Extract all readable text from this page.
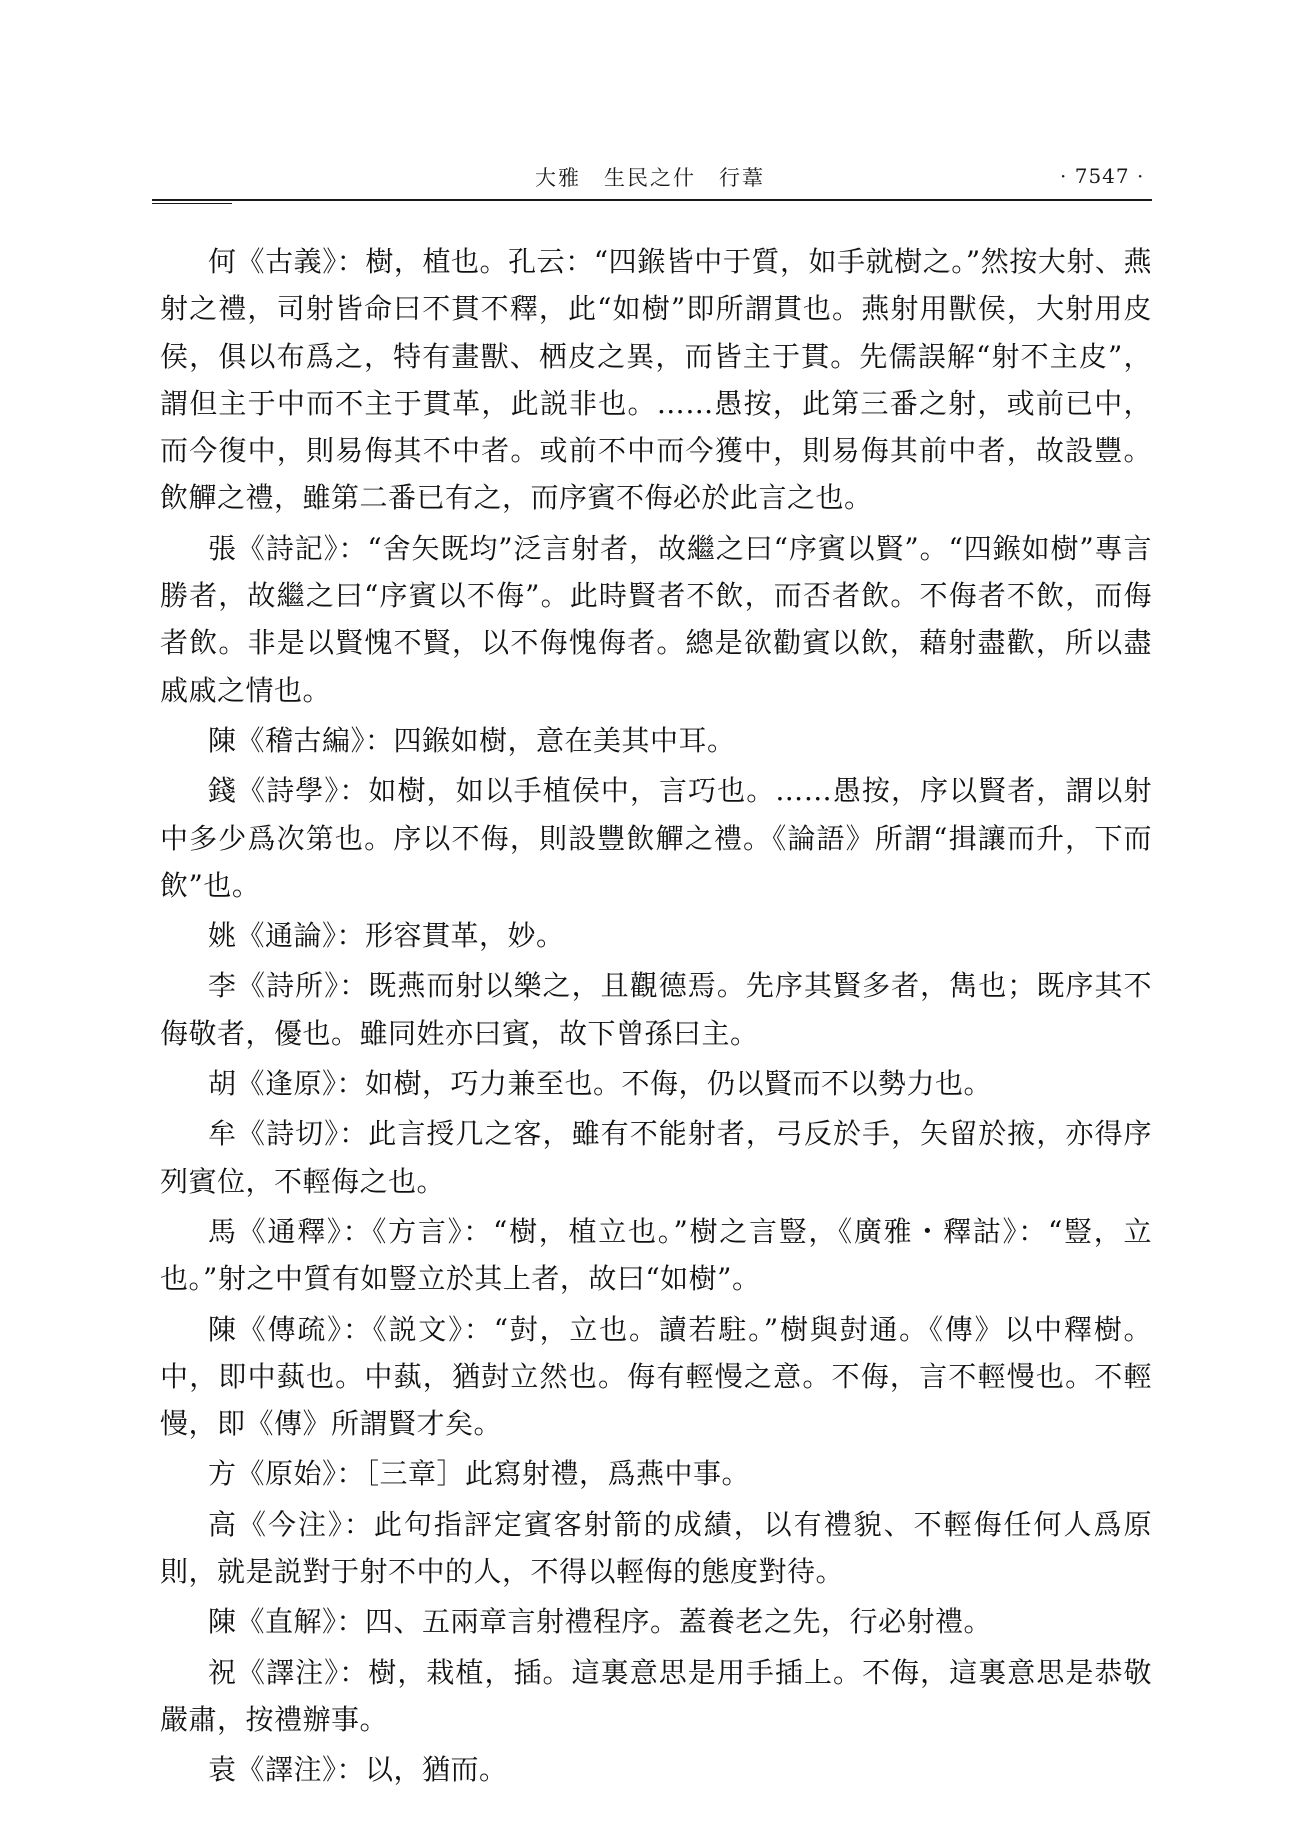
大雅　生民之什　行葦	· 7547 ·

何《古義》：樹，植也。孔云：“四鍭皆中于質，如手就樹之。”然按大射、燕射之禮，司射皆命曰不貫不釋，此“如樹”即所謂貫也。燕射用獸侯，大射用皮侯，俱以布爲之，特有畫獸、栖皮之異，而皆主于貫。先儒誤解“射不主皮”，謂但主于中而不主于貫革，此説非也。……愚按，此第三番之射，或前已中，而今復中，則易侮其不中者。或前不中而今獲中，則易侮其前中者，故設豐。飲觶之禮，雖第二番已有之，而序賓不侮必於此言之也。

張《詩記》：“舍矢既均”泛言射者，故繼之曰“序賓以賢”。“四鍭如樹”專言勝者，故繼之曰“序賓以不侮”。此時賢者不飲，而否者飲。不侮者不飲，而侮者飲。非是以賢愧不賢，以不侮愧侮者。總是欲勸賓以飲，藉射盡歡，所以盡戚戚之情也。

陳《稽古編》：四鍭如樹，意在美其中耳。

錢《詩學》：如樹，如以手植侯中，言巧也。……愚按，序以賢者，謂以射中多少爲次第也。序以不侮，則設豐飲觶之禮。《論語》所謂“揖讓而升，下而飲”也。

姚《通論》：形容貫革，妙。

李《詩所》：既燕而射以樂之，且觀德焉。先序其賢多者，雋也；既序其不侮敬者，優也。雖同姓亦曰賓，故下曾孫曰主。

胡《逢原》：如樹，巧力兼至也。不侮，仍以賢而不以勢力也。

牟《詩切》：此言授几之客，雖有不能射者，弓反於手，矢留於掖，亦得序列賓位，不輕侮之也。

馬《通釋》：《方言》：“樹，植立也。”樹之言豎，《廣雅・釋詁》：“豎，立也。”射之中質有如豎立於其上者，故曰“如樹”。

陳《傳疏》：《説文》：“尌，立也。讀若駐。”樹與尌通。《傳》以中釋樹。中，即中蓺也。中蓺，猶尌立然也。侮有輕慢之意。不侮，言不輕慢也。不輕慢，即《傳》所謂賢才矣。

方《原始》：［三章］此寫射禮，爲燕中事。

高《今注》：此句指評定賓客射箭的成績，以有禮貌、不輕侮任何人爲原則，就是説對于射不中的人，不得以輕侮的態度對待。

陳《直解》：四、五兩章言射禮程序。蓋養老之先，行必射禮。

祝《譯注》：樹，栽植，插。這裏意思是用手插上。不侮，這裏意思是恭敬嚴肅，按禮辦事。

袁《譯注》：以，猶而。
